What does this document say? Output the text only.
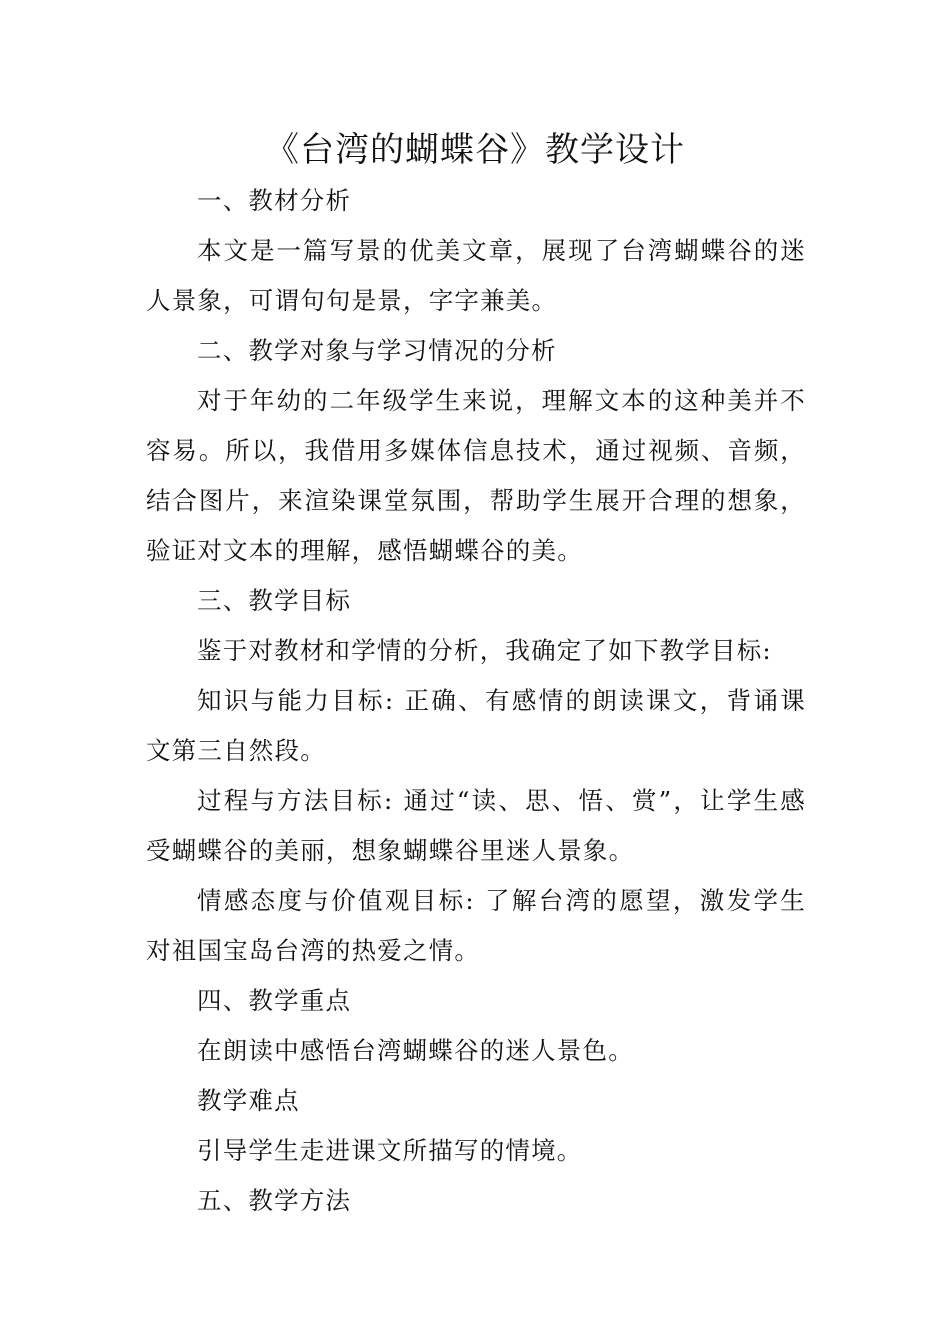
《台湾的蝴蝶谷》教学设计

一、教材分析

本文是一篇写景的优美文章，展现了台湾蝴蝶谷的迷人景象，可谓句句是景，字字兼美。

二、教学对象与学习情况的分析

对于年幼的二年级学生来说，理解文本的这种美并不容易。所以，我借用多媒体信息技术，通过视频、音频，结合图片，来渲染课堂氛围，帮助学生展开合理的想象，验证对文本的理解，感悟蝴蝶谷的美。

三、教学目标

鉴于对教材和学情的分析，我确定了如下教学目标:

知识与能力目标: 正确、有感情的朗读课文，背诵课文第三自然段。

过程与方法目标: 通过“读、思、悟、赏”，让学生感受蝴蝶谷的美丽，想象蝴蝶谷里迷人景象。

情感态度与价值观目标: 了解台湾的愿望，激发学生对祖国宝岛台湾的热爱之情。

四、教学重点

在朗读中感悟台湾蝴蝶谷的迷人景色。

教学难点

引导学生走进课文所描写的情境。

五、教学方法
